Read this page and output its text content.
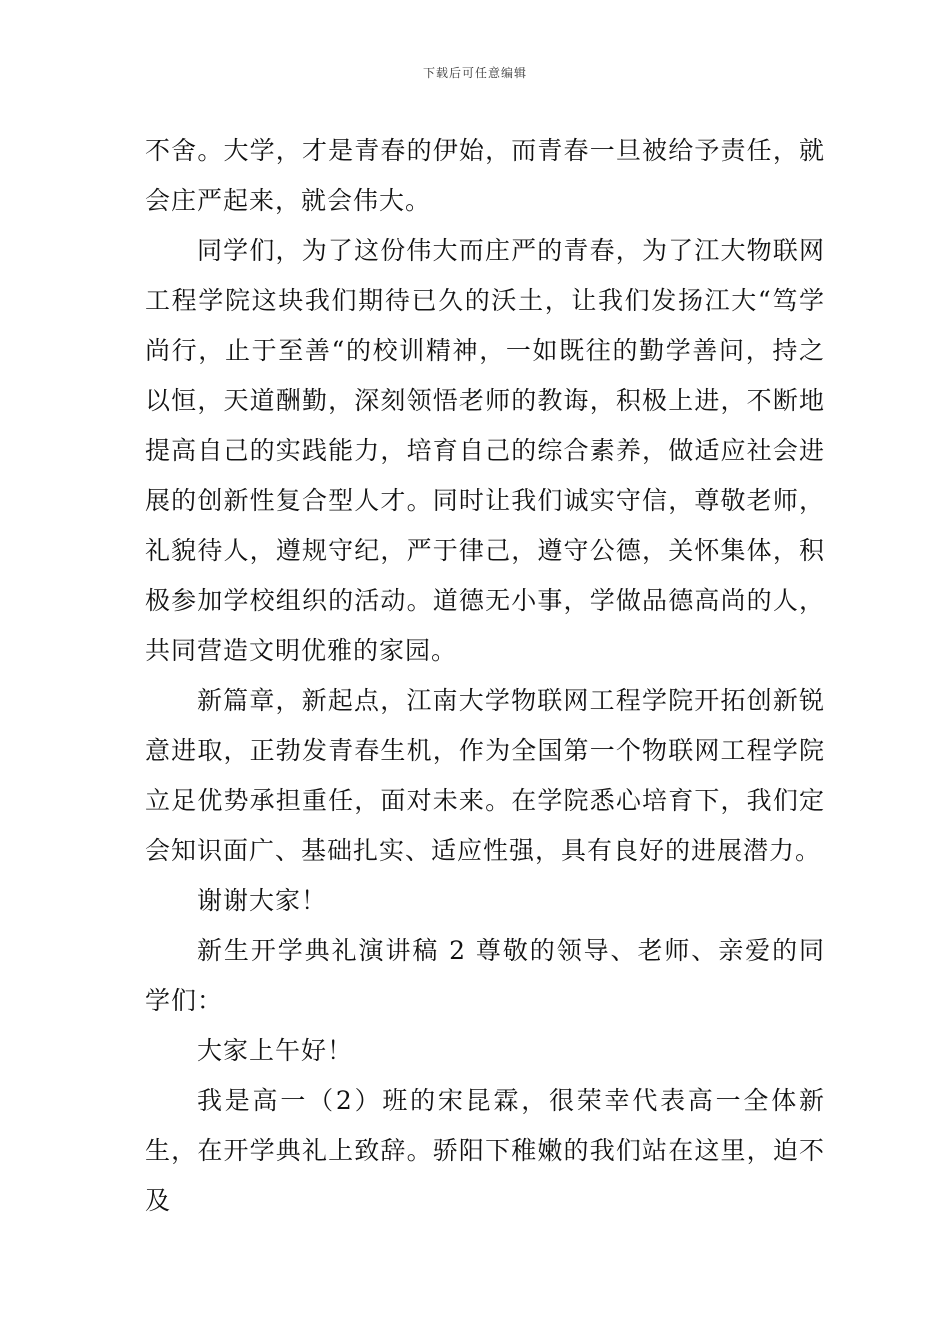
下载后可任意编辑

不舍。大学，才是青春的伊始，而青春一旦被给予责任，就会庄严起来，就会伟大。

同学们，为了这份伟大而庄严的青春，为了江大物联网工程学院这块我们期待已久的沃土，让我们发扬江大“笃学尚行，止于至善“的校训精神，一如既往的勤学善问，持之以恒，天道酬勤，深刻领悟老师的教诲，积极上进，不断地提高自己的实践能力，培育自己的综合素养，做适应社会进展的创新性复合型人才。同时让我们诚实守信，尊敬老师，礼貌待人，遵规守纪，严于律己，遵守公德，关怀集体，积极参加学校组织的活动。道德无小事，学做品德高尚的人，共同营造文明优雅的家园。

新篇章，新起点，江南大学物联网工程学院开拓创新锐意进取，正勃发青春生机，作为全国第一个物联网工程学院立足优势承担重任，面对未来。在学院悉心培育下，我们定会知识面广、基础扎实、适应性强，具有良好的进展潜力。

谢谢大家！

新生开学典礼演讲稿 2 尊敬的领导、老师、亲爱的同学们：

大家上午好！

我是高一（2）班的宋昆霖，很荣幸代表高一全体新生，在开学典礼上致辞。骄阳下稚嫩的我们站在这里，迫不及
